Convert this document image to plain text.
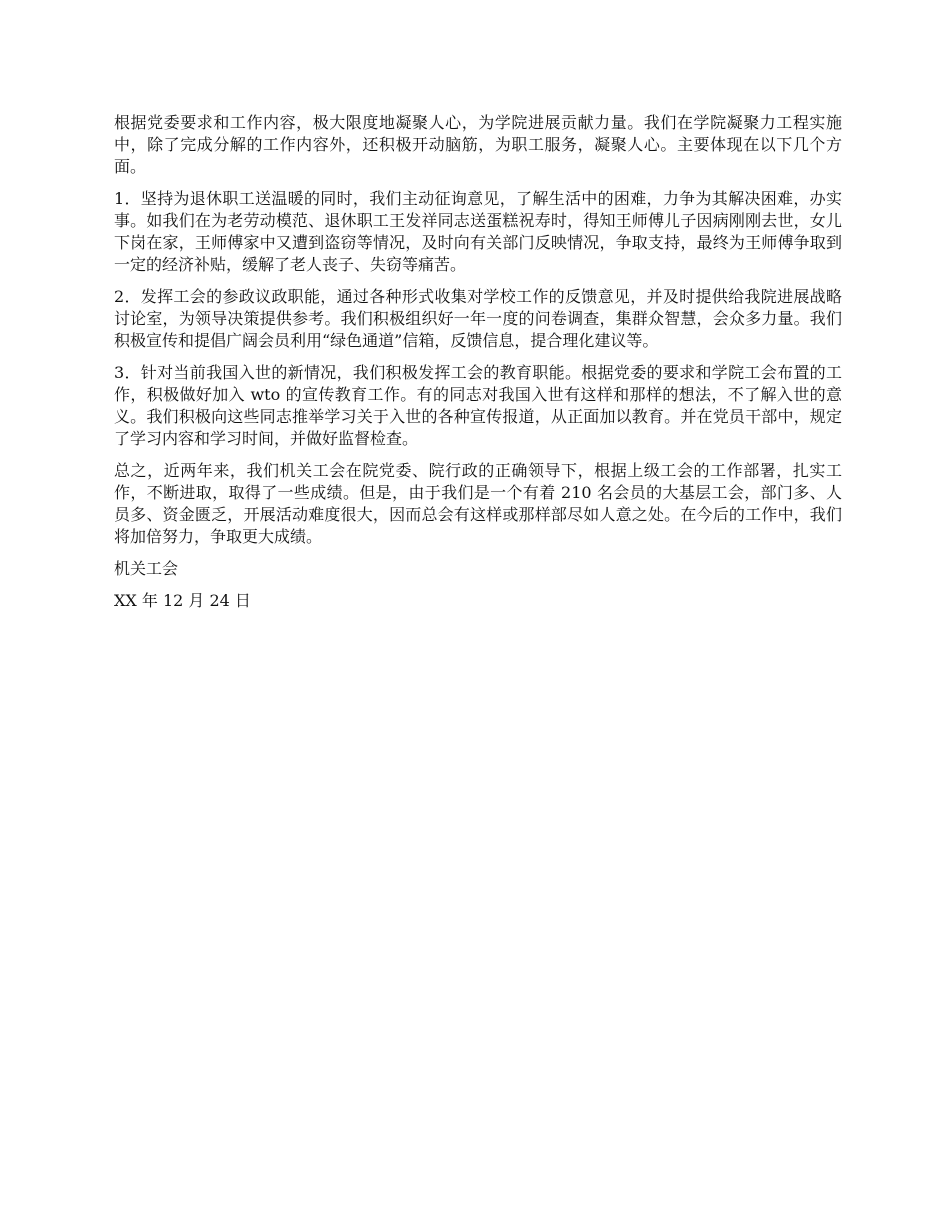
根据党委要求和工作内容，极大限度地凝聚人心，为学院进展贡献力量。我们在学院凝聚力工程实施中，除了完成分解的工作内容外，还积极开动脑筋，为职工服务，凝聚人心。主要体现在以下几个方面。

1．坚持为退休职工送温暖的同时，我们主动征询意见，了解生活中的困难，力争为其解决困难，办实事。如我们在为老劳动模范、退休职工王发祥同志送蛋糕祝寿时，得知王师傅儿子因病刚刚去世，女儿下岗在家，王师傅家中又遭到盗窃等情况，及时向有关部门反映情况，争取支持，最终为王师傅争取到一定的经济补贴，缓解了老人丧子、失窃等痛苦。

2．发挥工会的参政议政职能，通过各种形式收集对学校工作的反馈意见，并及时提供给我院进展战略讨论室，为领导决策提供参考。我们积极组织好一年一度的问卷调查，集群众智慧，会众多力量。我们积极宣传和提倡广阔会员利用“绿色通道”信箱，反馈信息，提合理化建议等。

3．针对当前我国入世的新情况，我们积极发挥工会的教育职能。根据党委的要求和学院工会布置的工作，积极做好加入 wto 的宣传教育工作。有的同志对我国入世有这样和那样的想法，不了解入世的意义。我们积极向这些同志推举学习关于入世的各种宣传报道，从正面加以教育。并在党员干部中，规定了学习内容和学习时间，并做好监督检查。

总之，近两年来，我们机关工会在院党委、院行政的正确领导下，根据上级工会的工作部署，扎实工作，不断进取，取得了一些成绩。但是，由于我们是一个有着 210 名会员的大基层工会，部门多、人员多、资金匮乏，开展活动难度很大，因而总会有这样或那样部尽如人意之处。在今后的工作中，我们将加倍努力，争取更大成绩。

机关工会

XX 年 12 月 24 日
